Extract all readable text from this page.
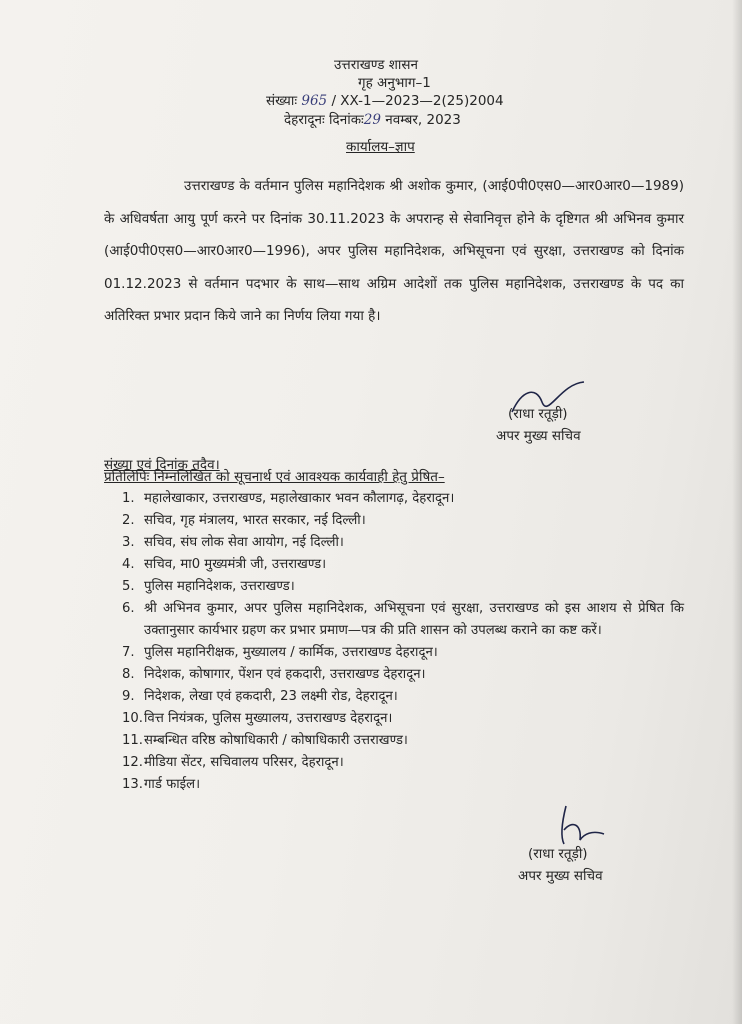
उत्तराखण्ड शासन
गृह अनुभाग–1
संख्याः 965 / XX-1—2023—2(25)2004
देहरादूनः दिनांकः29 नवम्बर, 2023
कार्यालय–ज्ञाप
उत्तराखण्ड के वर्तमान पुलिस महानिदेशक श्री अशोक कुमार, (आई0पी0एस0—आर0आर0—1989) के अधिवर्षता आयु पूर्ण करने पर दिनांक 30.11.2023 के अपरान्ह से सेवानिवृत्त होने के दृष्टिगत श्री अभिनव कुमार (आई0पी0एस0—आर0आर0—1996), अपर पुलिस महानिदेशक, अभिसूचना एवं सुरक्षा, उत्तराखण्ड को दिनांक 01.12.2023 से वर्तमान पदभार के साथ—साथ अग्रिम आदेशों तक पुलिस महानिदेशक, उत्तराखण्ड के पद का अतिरिक्त प्रभार प्रदान किये जाने का निर्णय लिया गया है।
(राधा रतूड़ी)
अपर मुख्य सचिव
संख्या एवं दिनांक तदैव।
प्रतिलिपिः निम्नलिखित को सूचनार्थ एवं आवश्यक कार्यवाही हेतु प्रेषित–
1. महालेखाकार, उत्तराखण्ड, महालेखाकार भवन कौलागढ़, देहरादून।
2. सचिव, गृह मंत्रालय, भारत सरकार, नई दिल्ली।
3. सचिव, संघ लोक सेवा आयोग, नई दिल्ली।
4. सचिव, मा0 मुख्यमंत्री जी, उत्तराखण्ड।
5. पुलिस महानिदेशक, उत्तराखण्ड।
6. श्री अभिनव कुमार, अपर पुलिस महानिदेशक, अभिसूचना एवं सुरक्षा, उत्तराखण्ड को इस आशय से प्रेषित कि उक्तानुसार कार्यभार ग्रहण कर प्रभार प्रमाण—पत्र की प्रति शासन को उपलब्ध कराने का कष्ट करें।
7. पुलिस महानिरीक्षक, मुख्यालय / कार्मिक, उत्तराखण्ड देहरादून।
8. निदेशक, कोषागार, पेंशन एवं हकदारी, उत्तराखण्ड देहरादून।
9. निदेशक, लेखा एवं हकदारी, 23 लक्ष्मी रोड, देहरादून।
10. वित्त नियंत्रक, पुलिस मुख्यालय, उत्तराखण्ड देहरादून।
11. सम्बन्धित वरिष्ठ कोषाधिकारी / कोषाधिकारी उत्तराखण्ड।
12. मीडिया सेंटर, सचिवालय परिसर, देहरादून।
13. गार्ड फाईल।
(राधा रतूड़ी)
अपर मुख्य सचिव
